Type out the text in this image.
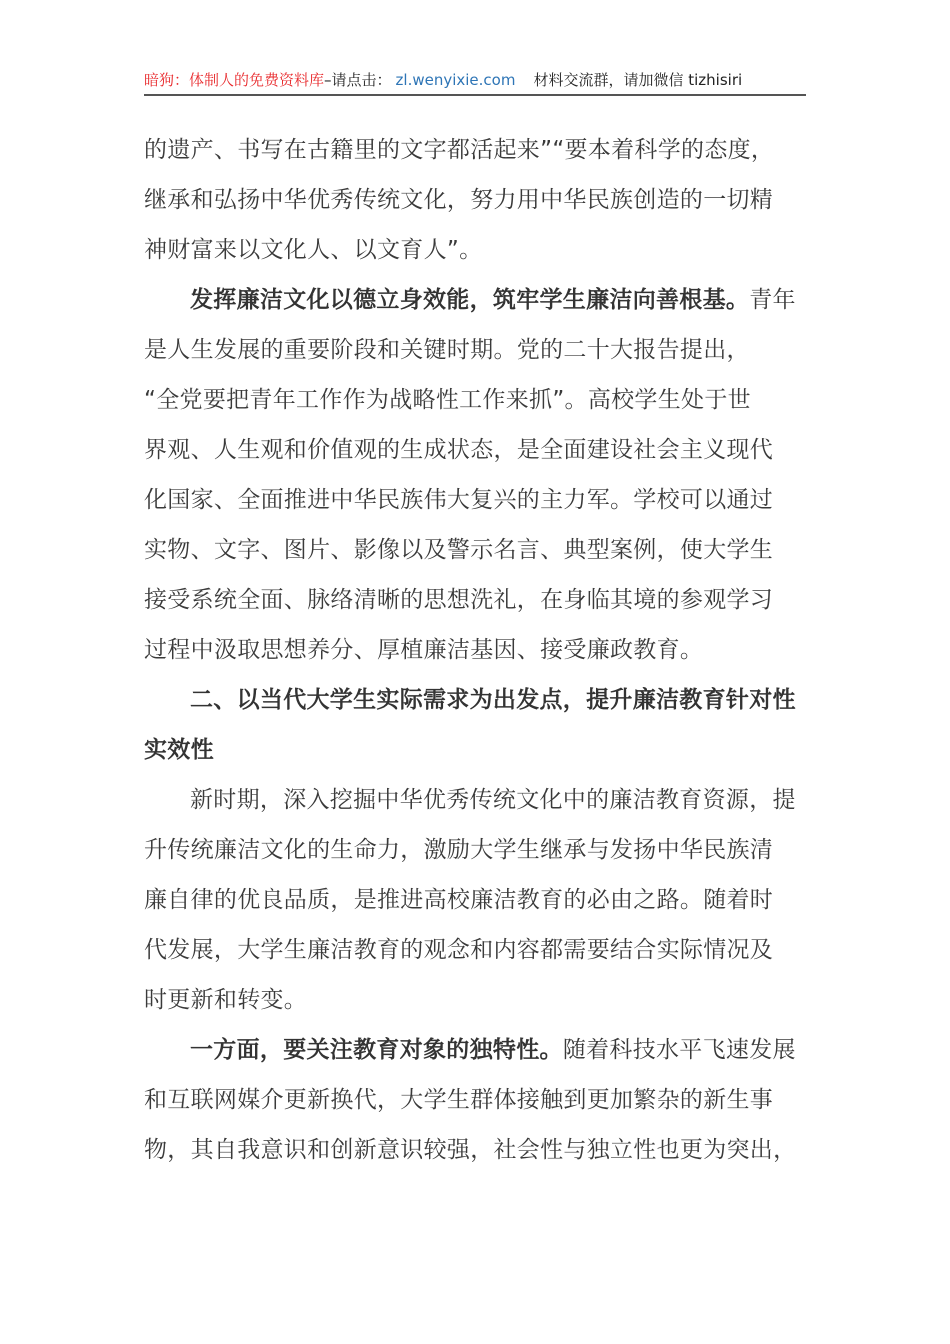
暗狗：体制人的免费资料库–请点击： zl.wenyixie.com 材料交流群，请加微信 tizhisiri
的遗产、书写在古籍里的文字都活起来”“要本着科学的态度，
继承和弘扬中华优秀传统文化，努力用中华民族创造的一切精
神财富来以文化人、以文育人”。
发挥廉洁文化以德立身效能，筑牢学生廉洁向善根基。青年
是人生发展的重要阶段和关键时期。党的二十大报告提出，
“全党要把青年工作作为战略性工作来抓”。高校学生处于世
界观、人生观和价值观的生成状态，是全面建设社会主义现代
化国家、全面推进中华民族伟大复兴的主力军。学校可以通过
实物、文字、图片、影像以及警示名言、典型案例，使大学生
接受系统全面、脉络清晰的思想洗礼，在身临其境的参观学习
过程中汲取思想养分、厚植廉洁基因、接受廉政教育。
二、以当代大学生实际需求为出发点，提升廉洁教育针对性
实效性
新时期，深入挖掘中华优秀传统文化中的廉洁教育资源，提
升传统廉洁文化的生命力，激励大学生继承与发扬中华民族清
廉自律的优良品质，是推进高校廉洁教育的必由之路。随着时
代发展，大学生廉洁教育的观念和内容都需要结合实际情况及
时更新和转变。
一方面，要关注教育对象的独特性。随着科技水平飞速发展
和互联网媒介更新换代，大学生群体接触到更加繁杂的新生事
物，其自我意识和创新意识较强，社会性与独立性也更为突出，
